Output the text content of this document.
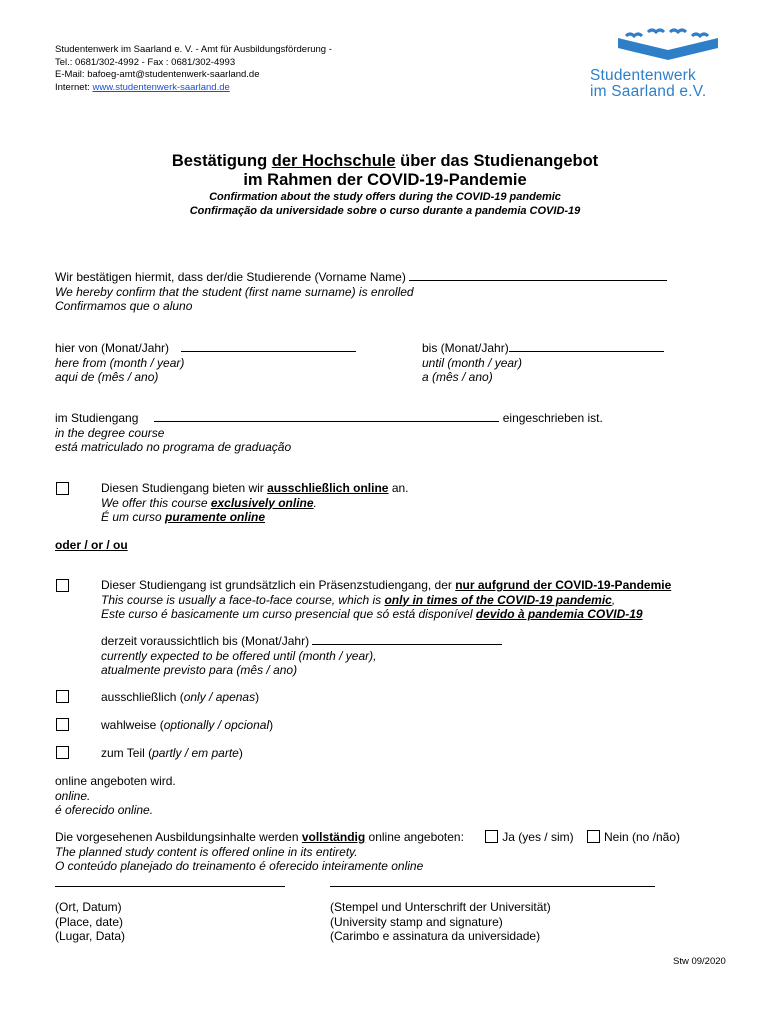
Studentenwerk im Saarland e. V. - Amt für Ausbildungsförderung -
Tel.: 0681/302-4992 - Fax : 0681/302-4993
E-Mail: bafoeg-amt@studentenwerk-saarland.de
Internet: www.studentenwerk-saarland.de
Studentenwerk
im Saarland e.V.
Bestätigung der Hochschule über das Studienangebot
im Rahmen der COVID-19-Pandemie
Confirmation about the study offers during the COVID-19 pandemic
Confirmação da universidade sobre o curso durante a pandemia COVID-19
Wir bestätigen hiermit, dass der/die Studierende (Vorname Name)
We hereby confirm that the student (first name surname) is enrolled
Confirmamos que o aluno
hier von (Monat/Jahr)
here from (month / year)
aqui de (mês / ano)
bis (Monat/Jahr)
until (month / year)
a (mês / ano)
im Studiengang	eingeschrieben ist.
in the degree course
está matriculado no programa de graduação
Diesen Studiengang bieten wir ausschließlich online an.
We offer this course exclusively online.
É um curso puramente online
oder / or / ou
Dieser Studiengang ist grundsätzlich ein Präsenzstudiengang, der nur aufgrund der COVID-19-Pandemie
This course is usually a face-to-face course, which is only in times of the COVID-19 pandemic,
Este curso é basicamente um curso presencial que só está disponível devido à pandemia COVID-19
derzeit voraussichtlich bis (Monat/Jahr)
currently expected to be offered until (month / year),
atualmente previsto para (mês / ano)
ausschließlich (only / apenas)
wahlweise (optionally / opcional)
zum Teil (partly / em parte)
online angeboten wird.
online.
é oferecido online.
Die vorgesehenen Ausbildungsinhalte werden vollständig online angeboten:	Ja (yes / sim)	Nein (no /não)
The planned study content is offered online in its entirety.
O conteúdo planejado do treinamento é oferecido inteiramente online
(Ort, Datum)
(Place, date)
(Lugar, Data)
(Stempel und Unterschrift der Universität)
(University stamp and signature)
(Carimbo e assinatura da universidade)
Stw 09/2020
